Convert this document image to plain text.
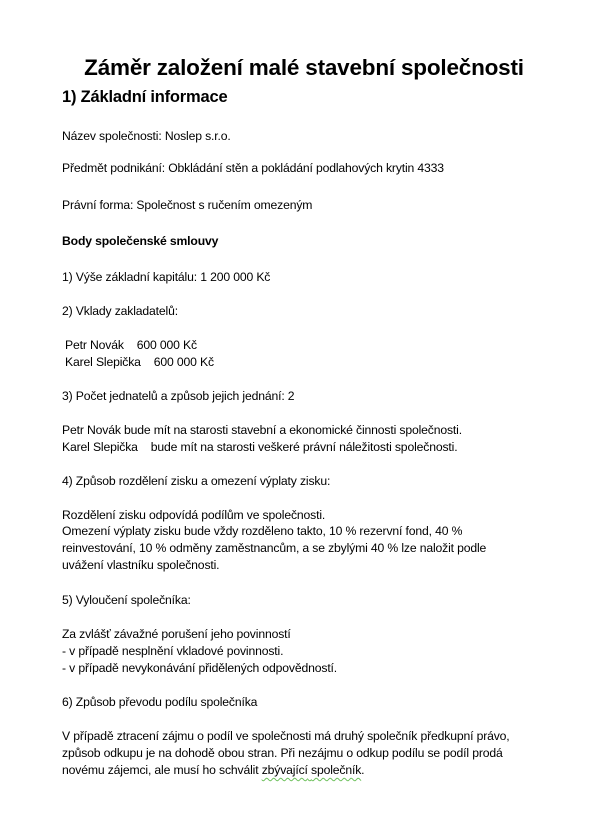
Záměr založení malé stavební společnosti
1) Základní informace
Název společnosti: Noslep s.r.o.
Předmět podnikání: Obkládání stěn a pokládání podlahových krytin 4333
Právní forma: Společnost s ručením omezeným
Body společenské smlouvy
1) Výše základní kapitálu: 1 200 000 Kč
2) Vklady zakladatelů:
Petr Novák    600 000 Kč
Karel Slepička    600 000 Kč
3) Počet jednatelů a způsob jejich jednání: 2
Petr Novák bude mít na starosti stavební a ekonomické činnosti společnosti.
Karel Slepička    bude mít na starosti veškeré právní náležitosti společnosti.
4) Způsob rozdělení zisku a omezení výplaty zisku:
Rozdělení zisku odpovídá podílům ve společnosti.
Omezení výplaty zisku bude vždy rozděleno takto, 10 % rezervní fond, 40 %
reinvestování, 10 % odměny zaměstnancům, a se zbylými 40 % lze naložit podle
uvážení vlastníku společnosti.
5) Vyloučení společníka:
Za zvlášť závažné porušení jeho povinností
- v případě nesplnění vkladové povinnosti.
- v případě nevykonávání přidělených odpovědností.
6) Způsob převodu podílu společníka
V případě ztracení zájmu o podíl ve společnosti má druhý společník předkupní právo,
způsob odkupu je na dohodě obou stran. Při nezájmu o odkup podílu se podíl prodá
novému zájemci, ale musí ho schválit zbývající společník.
